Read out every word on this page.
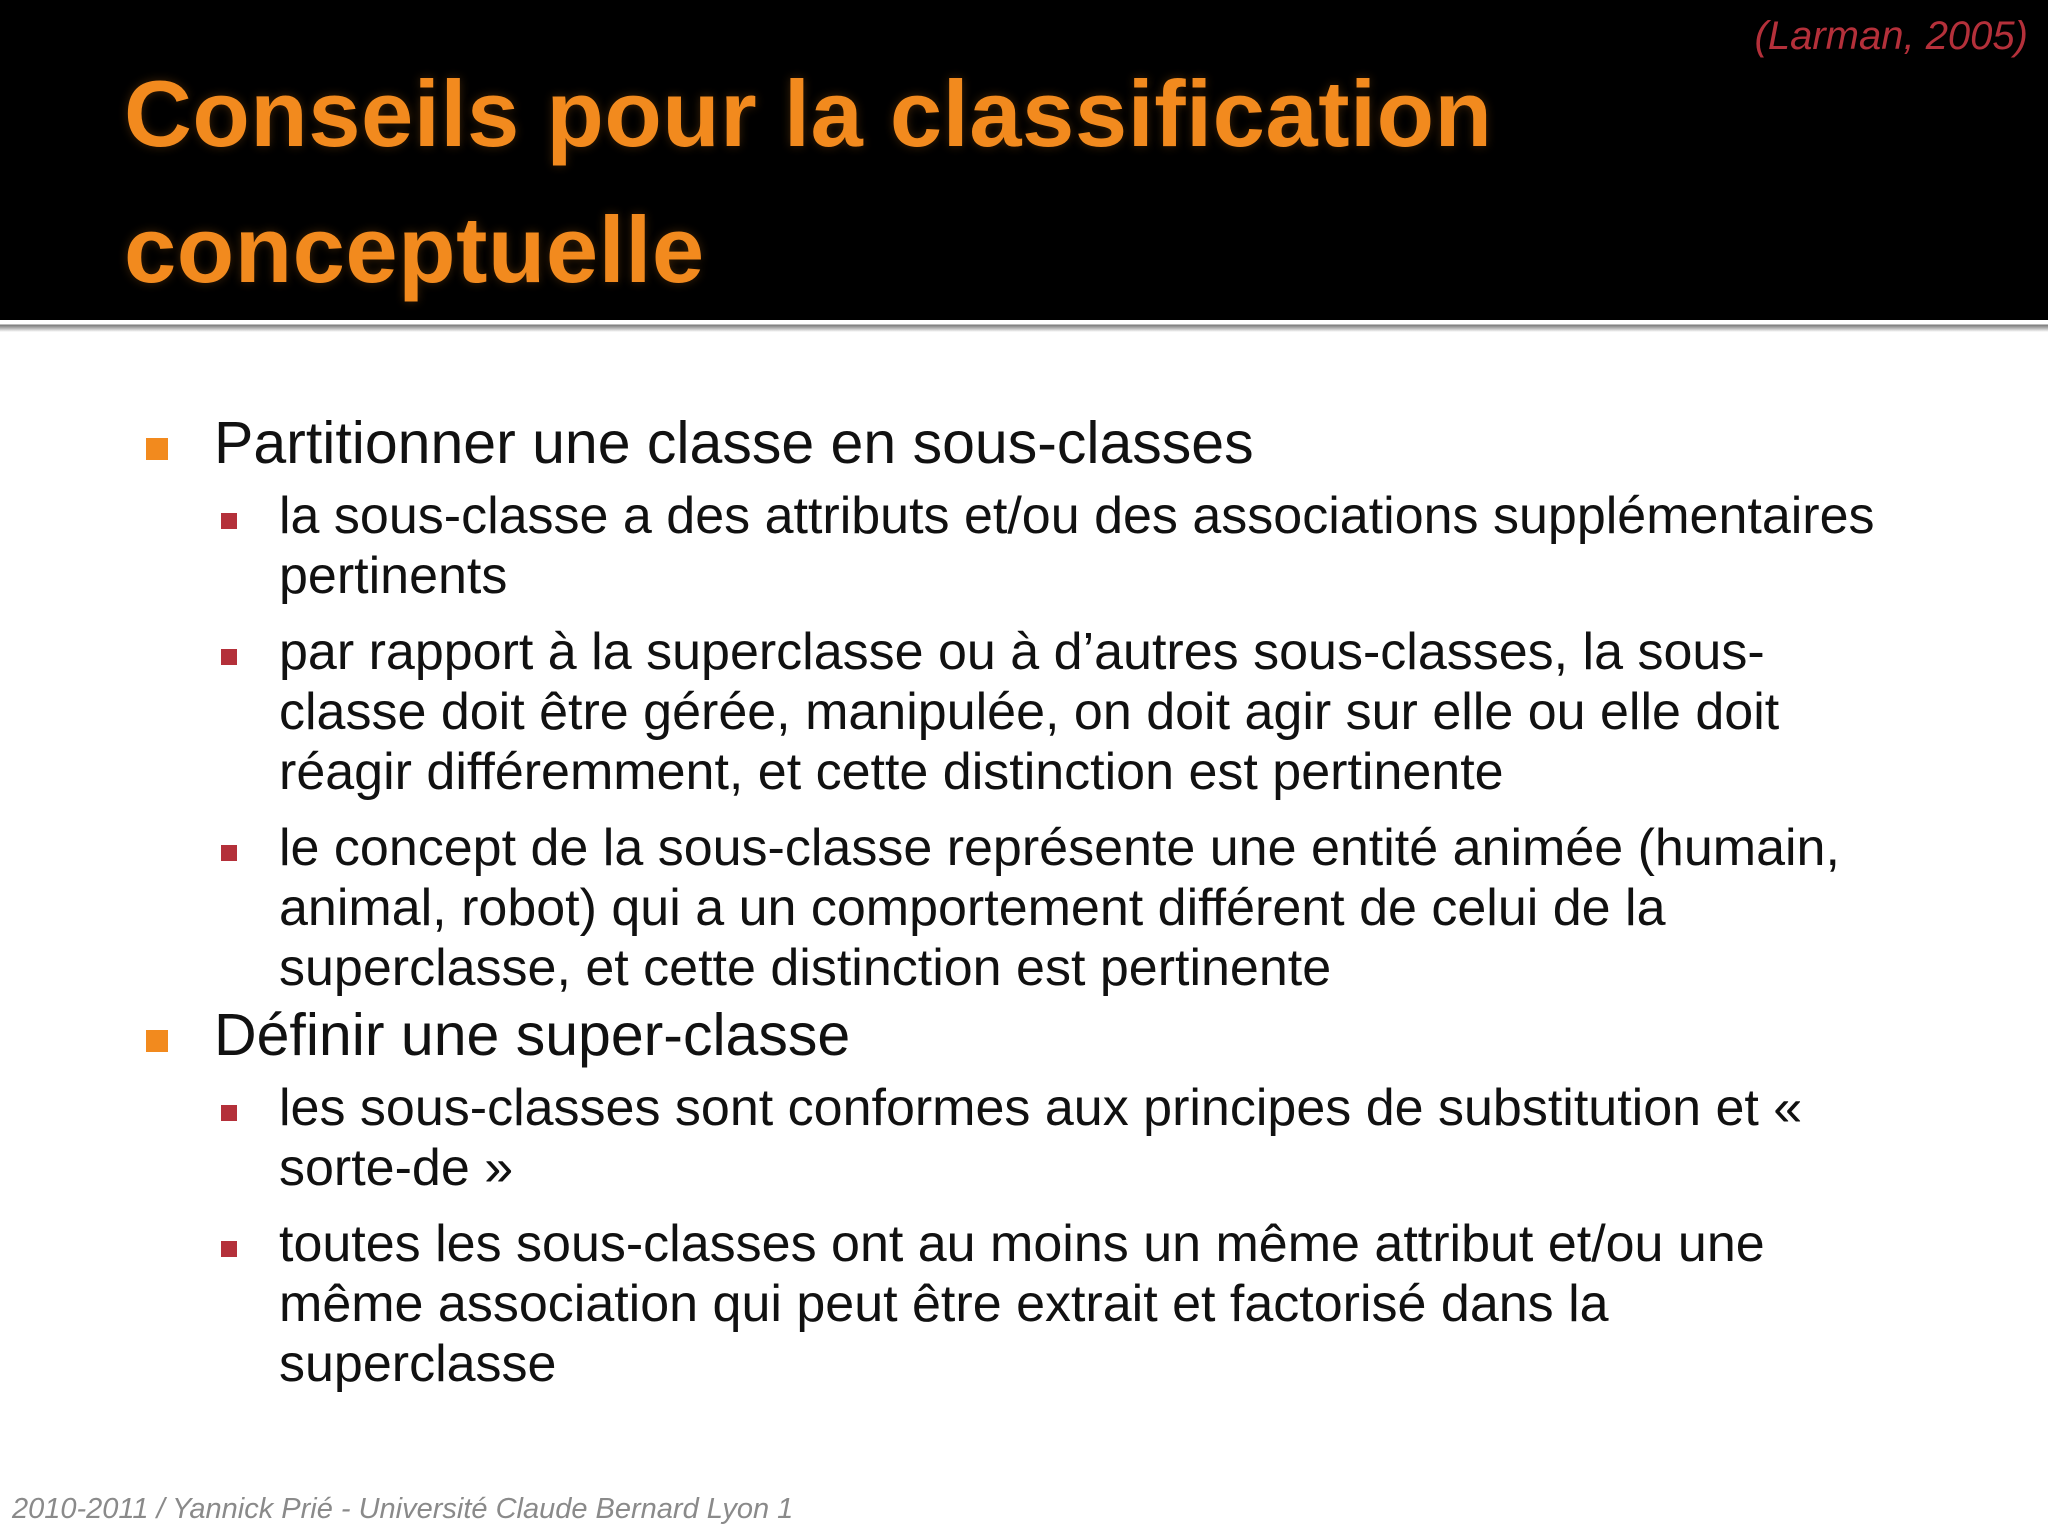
(Larman, 2005)
Conseils pour la classification conceptuelle
Partitionner une classe en sous-classes
la sous-classe a des attributs et/ou des associations supplémentaires pertinents
par rapport à la superclasse ou à d’autres sous-classes, la sous-classe doit être gérée, manipulée, on doit agir sur elle ou elle doit réagir différemment, et cette distinction est pertinente
le concept de la sous-classe représente une entité animée (humain, animal, robot) qui a un comportement différent de celui de la superclasse, et cette distinction est pertinente
Définir une super-classe
les sous-classes sont conformes aux principes de substitution et « sorte-de »
toutes les sous-classes ont au moins un même attribut et/ou une même association qui peut être extrait et factorisé dans la superclasse
2010-2011 / Yannick Prié - Université Claude Bernard Lyon 1
